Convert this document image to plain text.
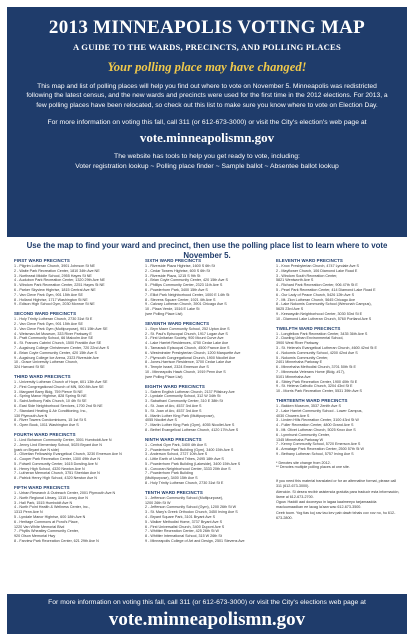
2013 MINNEAPOLIS VOTING MAP
A GUIDE TO THE WARDS, PRECINCTS, AND POLLING PLACES
Your polling place may have changed!
This map and list of polling places will help you find out where to vote on November 5. Minneapolis was redistricted following the latest census, and the new wards and precincts were used for the first time in the 2012 elections. For 2013, a few polling places have been relocated, so check out this list to make sure you know where to vote on Election Day.
For more information on voting this fall, call 311 (or 612-673-3000) or visit the City's election's web page at
vote.minneapolismn.gov
The website has tools to help you get ready to vote, including:
Voter registration lookup ~ Polling place finder ~ Sample ballot ~ Absentee ballot lookup
Use the map to find your ward and precinct, then use the polling place list to learn where to vote November 5.
FIRST WARD PRECINCTS
1 - Pilgrim Lutheran Church, 3901 Johnson St NE
2 - Waite Park Recreation Center, 1810 34th Ave NE
3 - Northeast Middle School, 2955 Hayes St NE
4 - Audubon Park Recreation Center, 1320 29th Ave NE
5 - Windom Park Recreation Center, 2251 Hayes St NE
6 - Parker Skyview Highrise, 1815 Central Ave NE
7 - Van Cleve Park Gym, 901 15th Ave SE
8 - Holland Highrise, 1717 Washington St NE
9 - Edison High School Gym, 2030 Monroe St NE
SECOND WARD PRECINCTS
1 - Holy Trinity Lutheran Church, 2730 31st St E
2 - Van Cleve Park Gym, 901 15th Ave SE
3 - Van Cleve Park Gym (Multipurpose), 901 15th Ave SE
4 - Weisman Art Museum, 333 River Parkway E
5 - Pratt Community School, 66 Malcolm Ave SE
6 - St. Frances Cabrini Church, 1500 Franklin Ave SE
7 - Augsburg College Christensen Center, 720 22nd Ave S
8 - Brian Coyle Community Center, 420 15th Ave S
9 - Augsburg College Ice Arena, 2323 Riverside Ave
10 - Grace University Lutheran Church,
324 Harvard St SE
THIRD WARD PRECINCTS
1 - University Lutheran Church of Hope, 601 13th Ave SE
2 - First Congregational Church of MN, 500 8th Ave SE
3 - Margaret Barry Bldg, 759 Pierce St NE
4 - Spring Manor Highrise, 828 Spring St NE
5 - Saint Anthony Falls Church, 10 4th St SE
6 - East Side Neighborhood Services, 1700 2nd St NE
7 - Standard Heating & Air Conditioning, Inc.,
130 Plymouth Ave N
8 - River Towers Condominiums, 15 1st St S
9 - Open Book, 1011 Washington Ave S
FOURTH WARD PRECINCTS
1 - Lind Bohanon Community Center, 3001 Humboldt Ave N
2 - Jenny Lind Elementary School, 5025 Bryant Ave N
(park on Bryant Ave N side)
3 - Olivetian Fellowship Evangelical Church, 3230 Emerson Ave N
4 - Cooper Park Recreation Center, 1300 49th Ave N
5 - Folwell Community Center, 1615 Dowling Ave N
6 - Henry High School, 4320 Newton Ave N
7 - Lutheran Memorial Church, 3751 Sheridan Ave N
8 - Patrick Henry High School, 4320 Newton Ave N
FIFTH WARD PRECINCTS
1 - Urban Research & Outreach Center, 2001 Plymouth Ave N
2 - North Regional Library, 1315 Lowry Ave N
3 - Hall Park, 1515 Humboldt Ave N
4 - North Point Health & Wellness Center, Inc.,
1313 Penn Ave N
5 - Lyndale Manor Highrise, 600 18th Ave N
6 - Heritage Commons at Pond's Place,
1220 Van White Memorial Blvd
7 - Phyllis Wheatley Community Center,
920 Olson Memorial Hwy
8 - Farview Park Recreation Center, 621 29th Ave N
SIXTH WARD PRECINCTS
1 - Riverside Plaza Highrise, 1600 S 6th St
2 - Cedar Towers Highrise, 600 S 6th St
3 - Riverside Plaza, 1215 S 9th St
4 - Brian Coyle Community Center, 420 15th Ave S
5 - Phillips Community Center, 2323 11th Ave S
6 - Powderhorn Park, 3400 15th Ave S
7 - Elliot Park Neighborhood Center, 1000 E 14th St
8 - Stevens Square Center, 1921 4th Ave S
9 - Calvary Lutheran Church, 3901 Chicago Ave S
10 - Plaza Verde, 1516 E Lake St
(see Polling Place List)
SEVENTH WARD PRECINCTS
1 - Bryn Mawr Community School, 252 Upton Ave S
2 - St. Paul's Episcopal Church, 1917 Logan Ave S
3 - First Unitarian Society, 900 Mount Curve Ave
4 - Lake Harriet Residences, 4750 Cedar Lake Ave
5 - Tamarack Episcopal Church, 4500 France Ave S
6 - Westminster Presbyterian Church, 1200 Marquette Ave
7 - Plymouth Congregational Church, 1900 Nicollet Ave
8 - Jones-Harrison Residence, 3700 Cedar Lake Ave
9 - Temple Israel, 2324 Emerson Ave S
10 - Minneapolis Hawk Church, 1919 Penn Ave S
(see Polling Place List)
EIGHTH WARD PRECINCTS
1 - Salem English Lutheran Church, 2137 Pillsbury Ave
2 - Lyndale Community School, 312 W 34th St
3 - Sabathani Community Center, 310 E 38th St
4 - St. Joan of Arc, 4537 3rd Ave S
5 - St. Joan of Arc, 4537 3rd Ave S
6 - Martin Luther King Park (Multipurpose),
4055 Nicollet Ave S
7 - Martin Luther King Park (Gym), 4055 Nicollet Ave S
8 - Bethel Evangelical Lutheran Church, 4120 17th Ave S
NINTH WARD PRECINCTS
1 - Central Gym Park, 3400 4th Ave S
2 - Powderhorn Park Building (Gym), 3400 15th Ave S
3 - Anderson School, 2727 10th Ave S
4 - Little Earth of United Tribes, 2495 18th Ave S
5 - Powderhorn Park Building (Lakeside), 3400 15th Ave S
6 - Corcoran Neighborhood Center, 3333 20th Ave S
7 - Powderhorn Park Building
(Multipurpose), 3400 15th Ave S
8 - Holy Trinity Lutheran Church, 2730 31st St E
TENTH WARD PRECINCTS
1 - Jefferson Community School (Multipurpose),
1200 26th St W
2 - Jefferson Community School (Gym), 1200 26th St W
3 - St. Mary's Greek Orthodox Church, 3450 Irving Ave S
4 - Bryant Square Park, 3101 Bryant Ave S
5 - Walker Methodist Home, 3737 Bryant Ave S
6 - First Universalist Church, 3400 Dupont Ave S
7 - Whittier Recreation Center, 425 26th St W
8 - Whittier International School, 315 W 26th St
9 - Minneapolis College of Art and Design, 2501 Stevens Ave
ELEVENTH WARD PRECINCTS
1 - Knox Presbyterian Church, 4747 Lyndale Ave S
2 - Mayflower Church, 106 Diamond Lake Road E
3 - Windom South Recreation Center,
5821 Wentworth Ave S
4 - Richard Park Recreation Center, 906 47th St E
5 - Pearl Park Recreation Center, 414 Diamond Lake Road E
6 - Our Lady of Peace Church, 5426 12th Ave S
7 - Mt. Zion Lutheran Church, 5645 Chicago Ave
8 - Lake Nokomis Community School (Wenonah Campus),
5625 23rd Ave S
9 - Keewaydin Neighborhood Center, 3030 53rd St E
10 - Diamond Lake Lutheran Church, 5760 Portland Ave S
TWELFTH WARD PRECINCTS
1 - Longfellow Park Recreation Center, 3435 36th Ave S
2 - Dowling Urban Environmental School,
3900 West River Parkway
3 - St. Helena's Evangelical Lutheran Church, 4600 42nd St E
4 - Nokomis Community School, 4200 42nd Ave S
5 - Nokomis Community Center,
2401 Minnehaha Parkway E
6 - Minnehaha Methodist Church, 3701 50th St E
7 - Minnesota Veterans Home (Bldg. #17),
5101 Minnehaha Ave
8 - Sibley Park Recreation Center, 1900 40th St E
9 - St. Helena Catholic Church, 3204 43rd St E
10 - Morris Park Recreation Center, 5531 39th Ave S
THIRTEENTH WARD PRECINCTS
1 - Bakken Museum, 3537 Zenith Ave S
2 - Lake Harriet Community School - Lower Campus,
4030 Chowen Ave S
3 - Linden Hills Recreation Center, 3100 43rd St W
4 - Fuller Recreation Center, 4800 Grand Ave S
5 - Mt. Olivet Lutheran Church, 5025 Knox Ave S
6 - Lynnhurst Community Center,
1345 Minnehaha Parkway W
7 - Kenny Community School, 5720 Emerson Ave S
8 - Armatage Park Recreation Center, 2500 57th St W
9 - Bethany Lutheran School, 5757 Irving Ave S
* Denotes site change from 2012.
** Denotes multiple polling places at one site.
If you need this material translated or for an alternative format, please call 311 (612-673-3000).
Atención. Si desea recibir asistencia gratuita para traducir esta información, llame al 612-673-2700.
Ogow. Haddii aad dooneyso in lagaa kaalmeeyo tarjamaadda macluumaadkan ee lacag la'aan wac 612-673-3500.
Ceeb toom. Yog tias koj xav tau kev pab dawb txhais cov xov no, hu 612-673-2800.
For more information on voting this fall, call 311 (or 612-673-3000) or visit the City's elections web page at
vote.minneapolismn.gov
